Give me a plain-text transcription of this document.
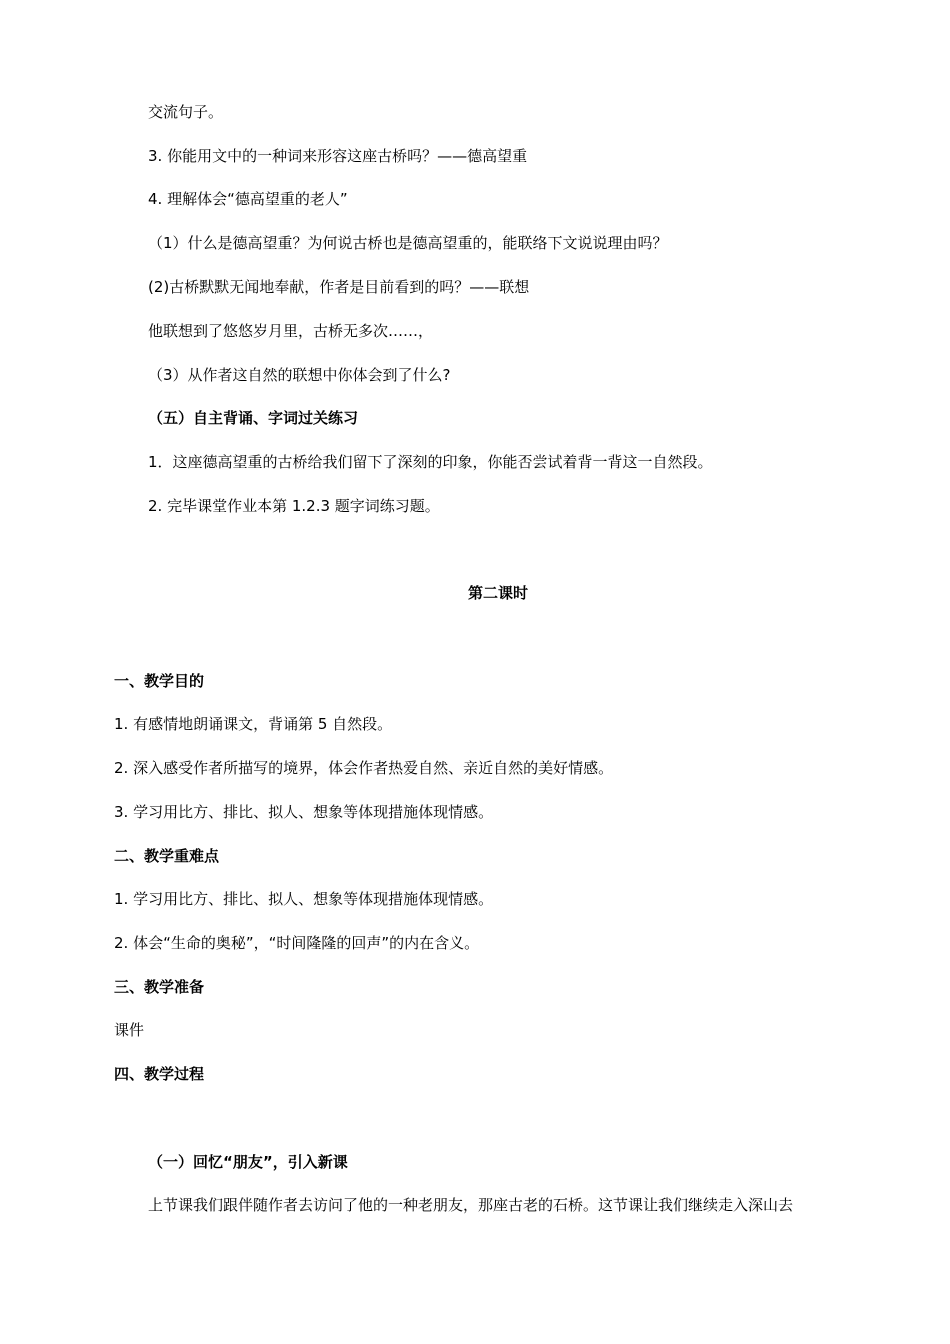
交流句子。
3. 你能用文中的一种词来形容这座古桥吗？——德高望重
4. 理解体会“德高望重的老人”
（1）什么是德高望重？为何说古桥也是德高望重的，能联络下文说说理由吗？
(2)古桥默默无闻地奉献，作者是目前看到的吗？——联想
他联想到了悠悠岁月里，古桥无多次……，
（3）从作者这自然的联想中你体会到了什么?
（五）自主背诵、字词过关练习
1．这座德高望重的古桥给我们留下了深刻的印象，你能否尝试着背一背这一自然段。
2. 完毕课堂作业本第 1.2.3 题字词练习题。
第二课时
一、教学目的
1. 有感情地朗诵课文，背诵第 5 自然段。
2. 深入感受作者所描写的境界，体会作者热爱自然、亲近自然的美好情感。
3. 学习用比方、排比、拟人、想象等体现措施体现情感。
二、教学重难点
1. 学习用比方、排比、拟人、想象等体现措施体现情感。
2. 体会“生命的奥秘”，“时间隆隆的回声”的内在含义。
三、教学准备
课件
四、教学过程
（一）回忆“朋友”，引入新课
上节课我们跟伴随作者去访问了他的一种老朋友，那座古老的石桥。这节课让我们继续走入深山去
